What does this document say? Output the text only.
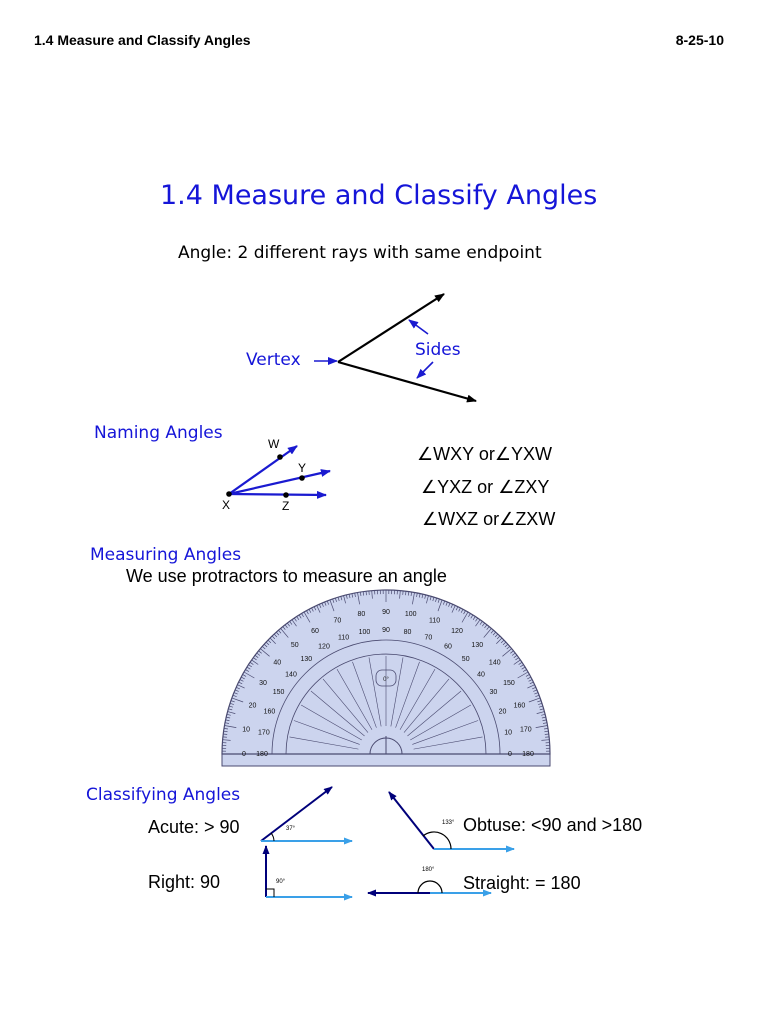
1.4 Measure and Classify Angles	8-25-10
1.4 Measure and Classify Angles
Angle: 2 different rays with same endpoint
Vertex	Sides
Naming Angles
W
Y
X	Z
∠WXY or∠YXW
∠YXZ or ∠ZXY
∠WXZ or∠ZXW
Measuring Angles
We use protractors to measure an angle
0°
0
10
20
30
40
50
60
70
80 90 100
110
120
130
140
150
160
170
180
180
170
160
150
140
130
120
110
100 90 80
70
60
50
40
30
20
10
0
Classifying Angles
Acute: > 90	Obtuse: <90 and >180
Right: 90	Straight: = 180
37°
133°
90°
180°
